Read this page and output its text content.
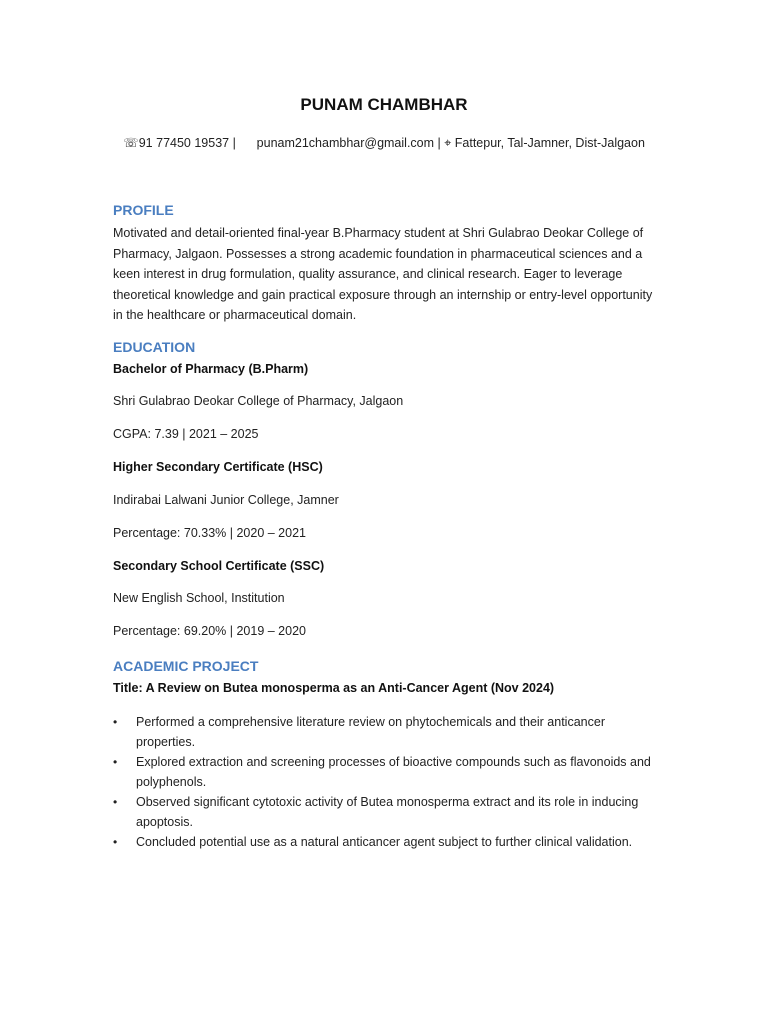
PUNAM CHAMBHAR
☏91 77450 19537 | punam21chambhar@gmail.com | ⌖ Fattepur, Tal-Jamner, Dist-Jalgaon
PROFILE
Motivated and detail-oriented final-year B.Pharmacy student at Shri Gulabrao Deokar College of Pharmacy, Jalgaon. Possesses a strong academic foundation in pharmaceutical sciences and a keen interest in drug formulation, quality assurance, and clinical research. Eager to leverage theoretical knowledge and gain practical exposure through an internship or entry-level opportunity in the healthcare or pharmaceutical domain.
EDUCATION
Bachelor of Pharmacy (B.Pharm)
Shri Gulabrao Deokar College of Pharmacy, Jalgaon
CGPA: 7.39 | 2021 – 2025
Higher Secondary Certificate (HSC)
Indirabai Lalwani Junior College, Jamner
Percentage: 70.33% | 2020 – 2021
Secondary School Certificate (SSC)
New English School, Institution
Percentage: 69.20% | 2019 – 2020
ACADEMIC PROJECT
Title: A Review on Butea monosperma as an Anti-Cancer Agent (Nov 2024)
• Performed a comprehensive literature review on phytochemicals and their anticancer properties.
• Explored extraction and screening processes of bioactive compounds such as flavonoids and polyphenols.
• Observed significant cytotoxic activity of Butea monosperma extract and its role in inducing apoptosis.
• Concluded potential use as a natural anticancer agent subject to further clinical validation.
